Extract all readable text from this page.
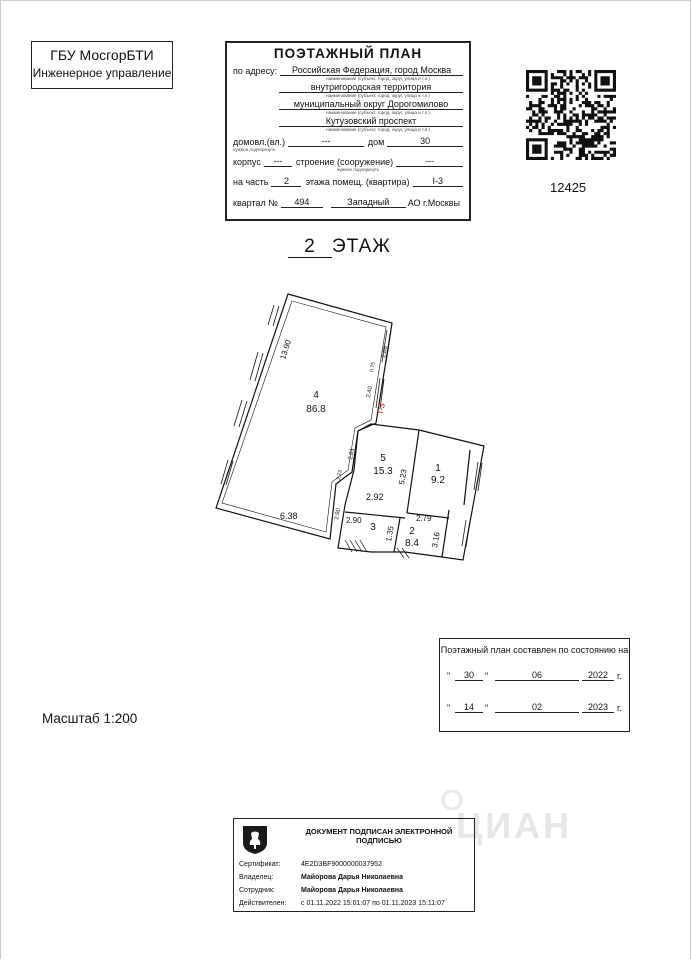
ГБУ МосгорБТИ
Инженерное управление
ПОЭТАЖНЫЙ ПЛАН
по адресу:	Российская Федерация, город Москва
наименование (субъект, город, округ, улица и т.п.)
внутригородская территория
наименование (субъект, город, округ, улица и т.п.)
муниципальный округ Дорогомилово
наименование (субъект, город, округ, улица и т.п.)
Кутузовский проспект
наименование (субъект, город, округ, улица и т.п.)
домовл.(вл.)	---	дом	30
нужное подчеркнуть
корпус	---	строение (сооружение)	---
нужное подчеркнуть
на часть	2	этажа помещ. (квартира)	I-3
квартал №	494	Западный	АО г.Москвы
12425
2 ЭТАЖ
4
86.8
5
15.3	1
9.2
3	2
8.4
I-3
13.90
6.38
2.88
0.75
2.40
2.81
2.73
2.90
2.92
5.23
2.79
2.90
1.35	3.16
Поэтажный план составлен по состоянию на
"	30	"	06	2022 г.
"	14	"	02	2023 г.
Масштаб 1:200
ЦИАН
ДОКУМЕНТ ПОДПИСАН ЭЛЕКТРОННОЙ ПОДПИСЬЮ
Сертификат:	4E2D3BF9000000037952
Владелец:	Майорова Дарья Николаевна
Сотрудник:	Майорова Дарья Николаевна
Действителен: с 01.11.2022 15:01:07 по 01.11.2023 15:11:07
